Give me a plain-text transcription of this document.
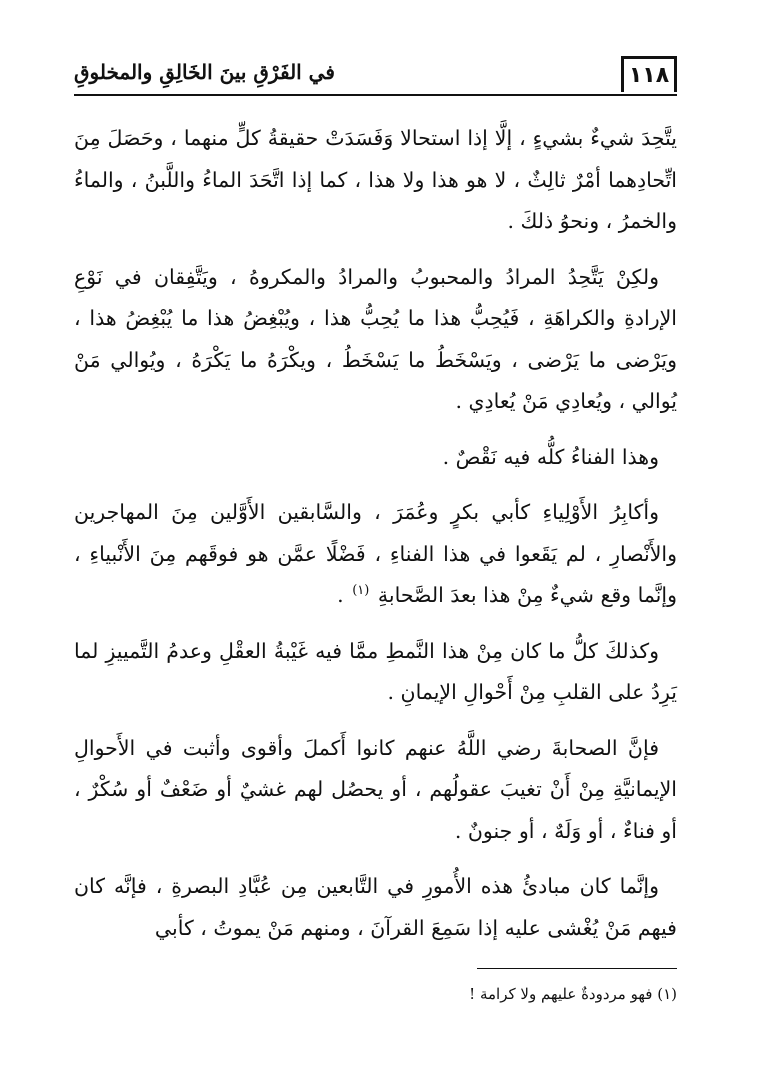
١١٨
في الفَرْقِ بينَ الخَالِقِ والمخلوقِ

يتَّحِدَ شيءٌ بشيءٍ ، إلَّا إذا استحالا وَفَسَدَتْ حقيقةُ كلٍّ منهما ، وحَصَلَ مِنَ اتِّحادِهما أمْرٌ ثالِثٌ ، لا هو هذا ولا هذا ، كما إذا اتَّحَدَ الماءُ واللَّبنُ ، والماءُ والخمرُ ، ونحوُ ذلكَ .

ولكِنْ يَتَّحِدُ المرادُ والمحبوبُ والمرادُ والمكروهُ ، ويَتَّفِقان في نَوْعِ الإرادةِ والكراهَةِ ، فَيُحِبُّ هذا ما يُحِبُّ هذا ، ويُبْغِضُ هذا ما يُبْغِضُ هذا ، ويَرْضى ما يَرْضى ، ويَسْخَطُ ما يَسْخَطُ ، ويكْرَهُ ما يَكْرَهُ ، ويُوالي مَنْ يُوالي ، ويُعادِي مَنْ يُعادِي .

وهذا الفناءُ كلُّه فيه نَقْصٌ .

وأكابِرُ الأَوْلِياءِ كأبي بكرٍ وعُمَرَ ، والسَّابقين الأَوَّلين مِنَ المهاجرين والأَنْصارِ ، لم يَقَعوا في هذا الفناءِ ، فَضْلًا عمَّن هو فوقَهم مِنَ الأَنْبياءِ ، وإنَّما وقع شيءٌ مِنْ هذا بعدَ الصَّحابةِ $^{(١)}$ .

وكذلكَ كلُّ ما كان مِنْ هذا النَّمطِ ممَّا فيه غَيْبةُ العقْلِ وعدمُ التَّمييزِ لما يَرِدُ على القلبِ مِنْ أَحْوالِ الإيمانِ .

فإنَّ الصحابةَ رضي اللَّهُ عنهم كانوا أَكملَ وأقوى وأثبت في الأَحوالِ الإيمانيَّةِ مِنْ أَنْ تغيبَ عقولُهم ، أو يحصُل لهم غشيٌ أو ضَعْفٌ أو سُكْرٌ ، أو فناءٌ ، أو وَلَهٌ ، أو جنونٌ .

وإنَّما كان مبادئُ هذه الأُمورِ في التَّابعين مِن عُبَّادِ البصرةِ ، فإنَّه كان فيهم مَنْ يُغْشى عليه إذا سَمِعَ القرآنَ ، ومنهم مَنْ يموتُ ، كأبي

(١) فهو مردودةٌ عليهم ولا كرامة !
